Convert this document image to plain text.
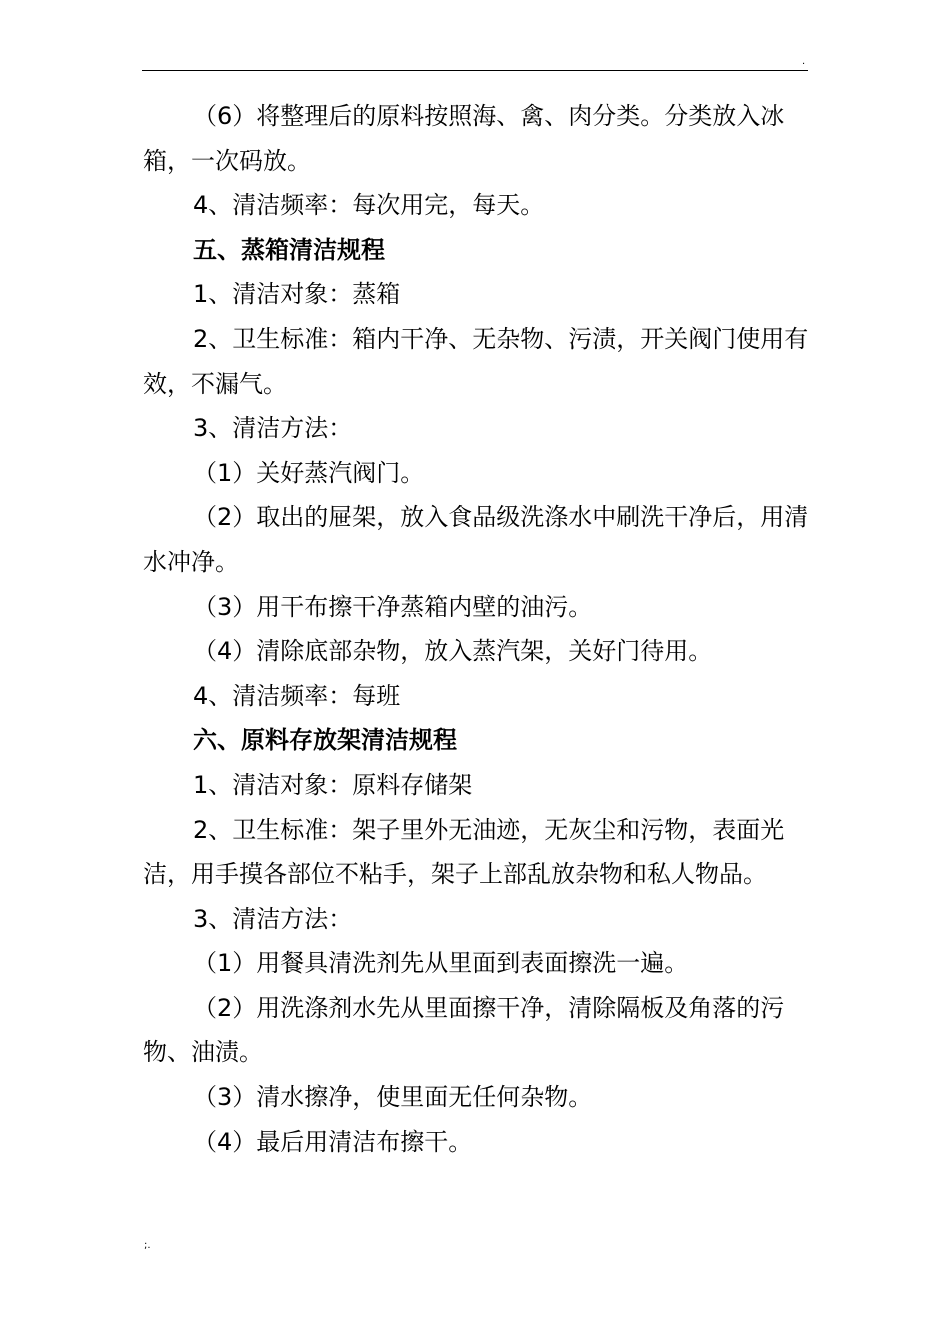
.

（6）将整理后的原料按照海、禽、肉分类。分类放入冰箱，一次码放。

4、清洁频率：每次用完，每天。

五、蒸箱清洁规程

1、清洁对象：蒸箱

2、卫生标准：箱内干净、无杂物、污渍，开关阀门使用有效，不漏气。

3、清洁方法：

（1）关好蒸汽阀门。

（2）取出的屉架，放入食品级洗涤水中刷洗干净后，用清水冲净。

（3）用干布擦干净蒸箱内壁的油污。

（4）清除底部杂物，放入蒸汽架，关好门待用。

4、清洁频率：每班

六、原料存放架清洁规程

1、清洁对象：原料存储架

2、卫生标准：架子里外无油迹，无灰尘和污物，表面光洁，用手摸各部位不粘手，架子上部乱放杂物和私人物品。

3、清洁方法：

（1）用餐具清洗剂先从里面到表面擦洗一遍。

（2）用洗涤剂水先从里面擦干净，清除隔板及角落的污物、油渍。

（3）清水擦净，使里面无任何杂物。

（4）最后用清洁布擦干。

;.
